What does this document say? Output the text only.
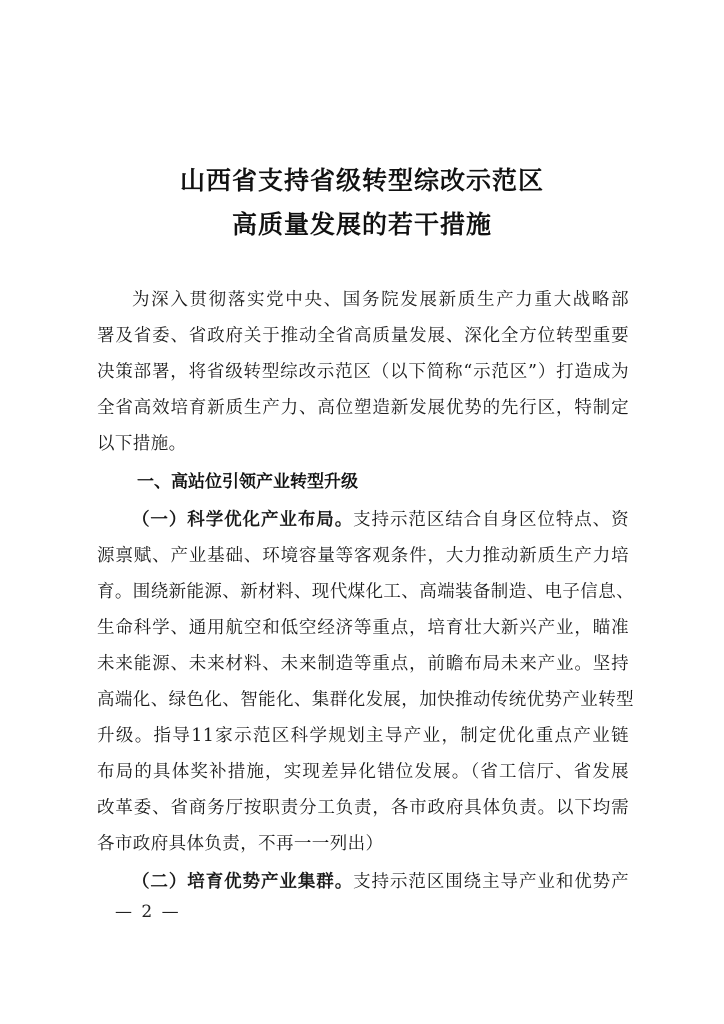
山西省支持省级转型综改示范区
高质量发展的若干措施
为深入贯彻落实党中央、国务院发展新质生产力重大战略部
署及省委、省政府关于推动全省高质量发展、深化全方位转型重要
决策部署，将省级转型综改示范区（以下简称“示范区”）打造成为
全省高效培育新质生产力、高位塑造新发展优势的先行区，特制定
以下措施。
一、高站位引领产业转型升级
（一）科学优化产业布局。支持示范区结合自身区位特点、资
源禀赋、产业基础、环境容量等客观条件，大力推动新质生产力培
育。围绕新能源、新材料、现代煤化工、高端装备制造、电子信息、
生命科学、通用航空和低空经济等重点，培育壮大新兴产业，瞄准
未来能源、未来材料、未来制造等重点，前瞻布局未来产业。坚持
高端化、绿色化、智能化、集群化发展，加快推动传统优势产业转型
升级。指导11家示范区科学规划主导产业，制定优化重点产业链
布局的具体奖补措施，实现差异化错位发展。（省工信厅、省发展
改革委、省商务厅按职责分工负责，各市政府具体负责。以下均需
各市政府具体负责，不再一一列出）
（二）培育优势产业集群。支持示范区围绕主导产业和优势产
— 2 —
